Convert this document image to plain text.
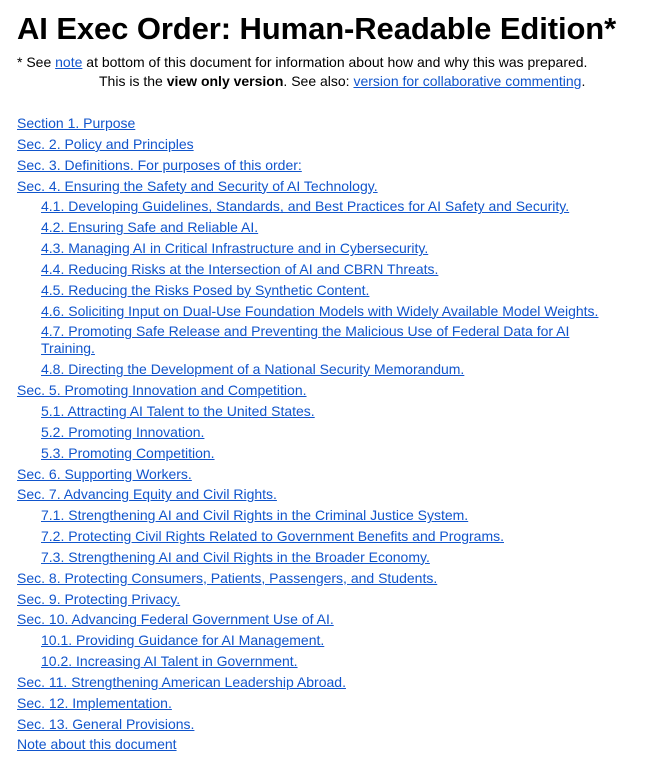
AI Exec Order: Human-Readable Edition*
* See note at bottom of this document for information about how and why this was prepared.
This is the view only version. See also: version for collaborative commenting.
Section 1. Purpose
Sec. 2. Policy and Principles
Sec. 3. Definitions. For purposes of this order:
Sec. 4. Ensuring the Safety and Security of AI Technology.
4.1. Developing Guidelines, Standards, and Best Practices for AI Safety and Security.
4.2. Ensuring Safe and Reliable AI.
4.3. Managing AI in Critical Infrastructure and in Cybersecurity.
4.4. Reducing Risks at the Intersection of AI and CBRN Threats.
4.5. Reducing the Risks Posed by Synthetic Content.
4.6. Soliciting Input on Dual-Use Foundation Models with Widely Available Model Weights.
4.7. Promoting Safe Release and Preventing the Malicious Use of Federal Data for AI Training.
4.8. Directing the Development of a National Security Memorandum.
Sec. 5. Promoting Innovation and Competition.
5.1. Attracting AI Talent to the United States.
5.2. Promoting Innovation.
5.3. Promoting Competition.
Sec. 6. Supporting Workers.
Sec. 7. Advancing Equity and Civil Rights.
7.1. Strengthening AI and Civil Rights in the Criminal Justice System.
7.2. Protecting Civil Rights Related to Government Benefits and Programs.
7.3. Strengthening AI and Civil Rights in the Broader Economy.
Sec. 8. Protecting Consumers, Patients, Passengers, and Students.
Sec. 9. Protecting Privacy.
Sec. 10. Advancing Federal Government Use of AI.
10.1. Providing Guidance for AI Management.
10.2. Increasing AI Talent in Government.
Sec. 11. Strengthening American Leadership Abroad.
Sec. 12. Implementation.
Sec. 13. General Provisions.
Note about this document
